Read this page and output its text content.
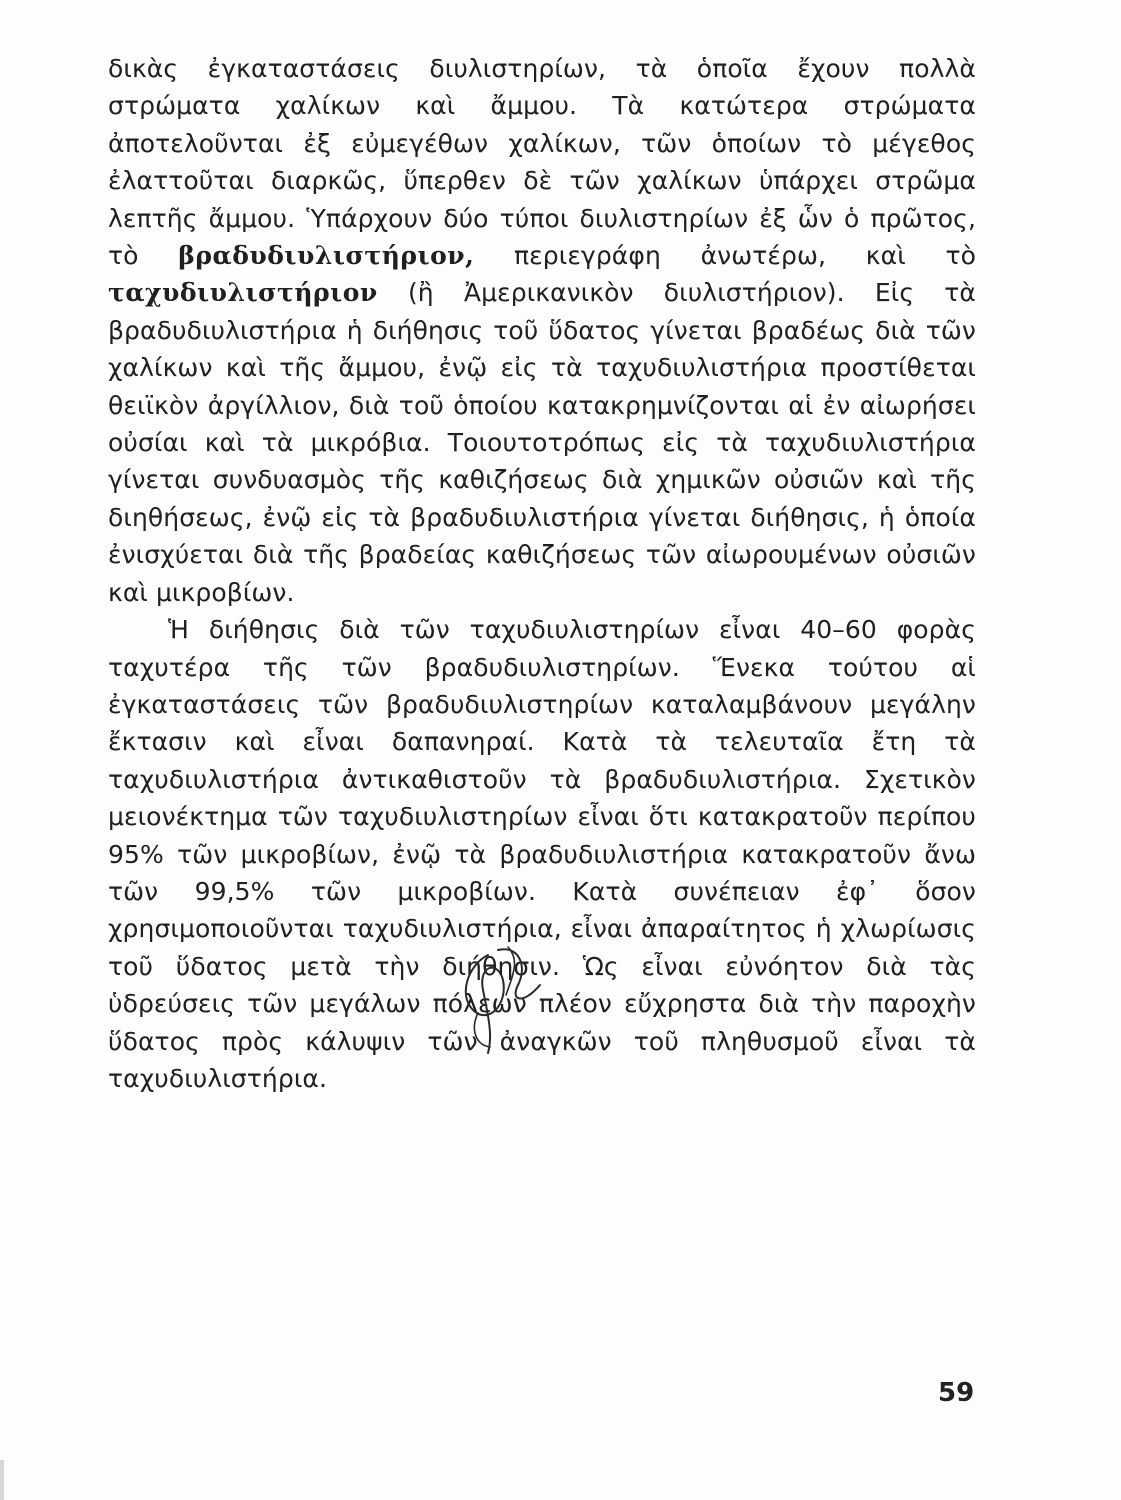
δικὰς ἐγκαταστάσεις διυλιστηρίων, τὰ ὁποῖα ἔχουν πολλὰ στρώματα χαλίκων καὶ ἄμμου. Τὰ κατώτερα στρώματα ἀποτελοῦνται ἐξ εὐμεγέθων χαλίκων, τῶν ὁποίων τὸ μέγεθος ἐλαττοῦται διαρκῶς, ὕπερθεν δὲ τῶν χαλίκων ὑπάρχει στρῶμα λεπτῆς ἄμμου. Ὑπάρχουν δύο τύποι διυλιστηρίων ἐξ ὧν ὁ πρῶτος, τὸ βραδυδιυλιστήριον, περιεγράφη ἀνωτέρω, καὶ τὸ ταχυδιυλιστήριον (ἢ Ἀμερικανικὸν διυλιστήριον). Εἰς τὰ βραδυδιυλιστήρια ἡ διήθησις τοῦ ὕδατος γίνεται βραδέως διὰ τῶν χαλίκων καὶ τῆς ἄμμου, ἐνῷ εἰς τὰ ταχυδιυλιστήρια προστίθεται θειϊκὸν ἀργίλλιον, διὰ τοῦ ὁποίου κατακρημνίζονται αἱ ἐν αἰωρήσει οὐσίαι καὶ τὰ μικρόβια. Τοιουτοτρόπως εἰς τὰ ταχυδιυλιστήρια γίνεται συνδυασμὸς τῆς καθιζήσεως διὰ χημικῶν οὐσιῶν καὶ τῆς διηθήσεως, ἐνῷ εἰς τὰ βραδυδιυλιστήρια γίνεται διήθησις, ἡ ὁποία ἐνισχύεται διὰ τῆς βραδείας καθιζήσεως τῶν αἰωρουμένων οὐσιῶν καὶ μικροβίων.

Ἡ διήθησις διὰ τῶν ταχυδιυλιστηρίων εἶναι 40–60 φορὰς ταχυτέρα τῆς τῶν βραδυδιυλιστηρίων. Ἕνεκα τούτου αἱ ἐγκαταστάσεις τῶν βραδυδιυλιστηρίων καταλαμβάνουν μεγάλην ἔκτασιν καὶ εἶναι δαπανηραί. Κατὰ τὰ τελευταῖα ἔτη τὰ ταχυδιυλιστήρια ἀντικαθιστοῦν τὰ βραδυδιυλιστήρια. Σχετικὸν μειονέκτημα τῶν ταχυδιυλιστηρίων εἶναι ὅτι κατακρατοῦν περίπου 95% τῶν μικροβίων, ἐνῷ τὰ βραδυδιυλιστήρια κατακρατοῦν ἄνω τῶν 99,5% τῶν μικροβίων. Κατὰ συνέπειαν ἐφ᾽ ὅσον χρησιμοποιοῦνται ταχυδιυλιστήρια, εἶναι ἀπαραίτητος ἡ χλωρίωσις τοῦ ὕδατος μετὰ τὴν διήθησιν. Ὡς εἶναι εὐνόητον διὰ τὰς ὑδρεύσεις τῶν μεγάλων πόλεων πλέον εὔχρηστα διὰ τὴν παροχὴν ὕδατος πρὸς κάλυψιν τῶν ἀναγκῶν τοῦ πληθυσμοῦ εἶναι τὰ ταχυδιυλιστήρια.

59
